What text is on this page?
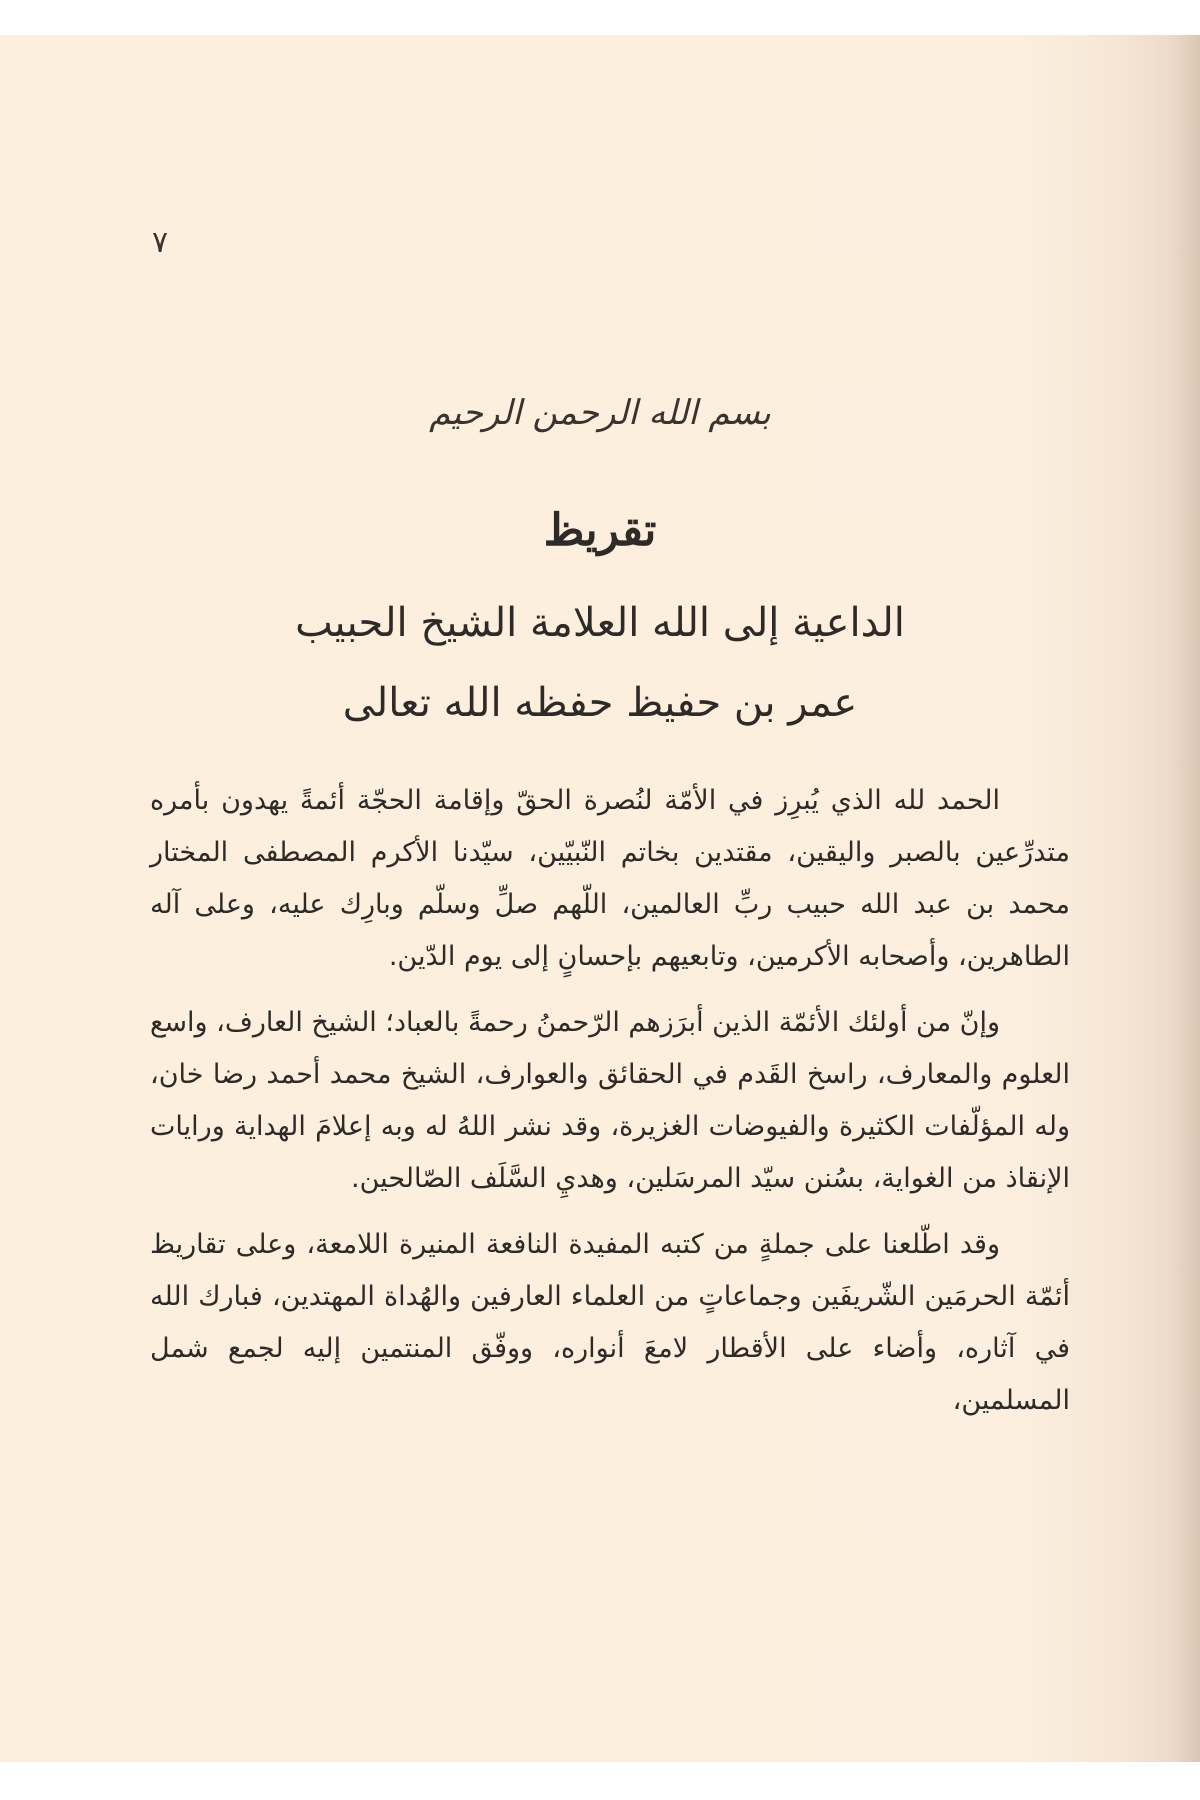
٧
بسم الله الرحمن الرحيم
تقريظ
الداعية إلى الله العلامة الشيخ الحبيب
عمر بن حفيظ حفظه الله تعالى

الحمد لله الذي يُبرِز في الأمّة لنُصرة الحقّ وإقامة الحجّة أئمةً يهدون بأمره متدرِّعين بالصبر واليقين، مقتدين بخاتم النّبيّين، سيّدنا الأكرم المصطفى المختار محمد بن عبد الله حبيب ربِّ العالمين، اللّهم صلِّ وسلّم وبارِك عليه، وعلى آله الطاهرين، وأصحابه الأكرمين، وتابعيهم بإحسانٍ إلى يوم الدّين.

وإنّ من أولئك الأئمّة الذين أبرَزهم الرّحمنُ رحمةً بالعباد؛ الشيخ العارف، واسع العلوم والمعارف، راسخ القَدم في الحقائق والعوارف، الشيخ محمد أحمد رضا خان، وله المؤلّفات الكثيرة والفيوضات الغزيرة، وقد نشر اللهُ له وبه إعلامَ الهداية ورايات الإنقاذ من الغواية، بسُنن سيّد المرسَلين، وهديِ السَّلَف الصّالحين.

وقد اطّلعنا على جملةٍ من كتبه المفيدة النافعة المنيرة اللامعة، وعلى تقاريظ أئمّة الحرمَين الشّريفَين وجماعاتٍ من العلماء العارفين والهُداة المهتدين، فبارك الله في آثاره، وأضاء على الأقطار لامعَ أنواره، ووفّق المنتمين إليه لجمع شمل المسلمين،
